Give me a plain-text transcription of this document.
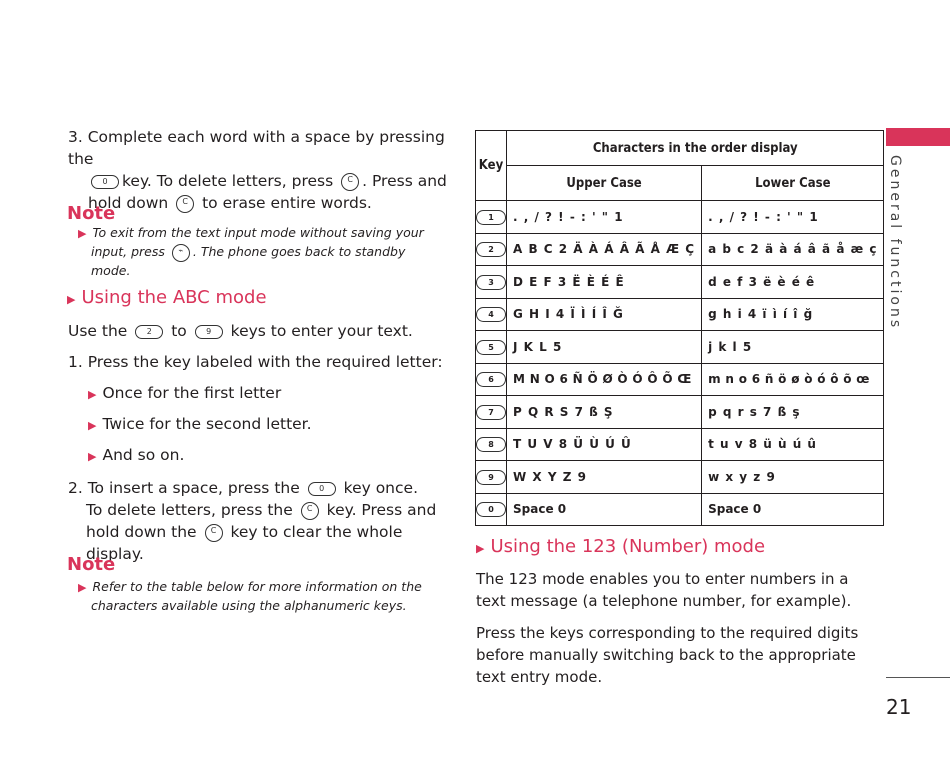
3. Complete each word with a space by pressing the
0 key. To delete letters, press C . Press and
hold down C to erase entire words.
Note
▶ To exit from the text input mode without saving your
input, press ⌁ . The phone goes back to standby
mode.
▶ Using the ABC mode
Use the 2 to 9 keys to enter your text.
1. Press the key labeled with the required letter:
▶ Once for the first letter
▶ Twice for the second letter.
▶ And so on.
2. To insert a space, press the 0 key once.
To delete letters, press the C key. Press and
hold down the C key to clear the whole display.
Note
▶ Refer to the table below for more information on the
characters available using the alphanumeric keys.
Key	Characters in the order display	
	Upper Case	Lower Case
1	. , / ? ! - : ' " 1	. , / ? ! - : ' " 1
2	A B C 2 Ä À Á Â Ã Å Æ Ç	a b c 2 ä à á â ã å æ ç
3	D E F 3 Ë È É Ê	d e f 3 ë è é ê
4	G H I 4 Ï Ì Í Î Ğ	g h i 4 ï ì í î ğ
5	J K L 5	j k l 5
6	M N O 6 Ñ Ö Ø Ò Ó Ô Õ Œ	m n o 6 ñ ö ø ò ó ô õ œ
7	P Q R S 7 ß Ş	p q r s 7 ß ş
8	T U V 8 Ü Ù Ú Û	t u v 8 ü ù ú û
9	W X Y Z 9	w x y z 9
0	Space 0	Space 0
▶ Using the 123 (Number) mode
The 123 mode enables you to enter numbers in a
text message (a telephone number, for example).
Press the keys corresponding to the required digits
before manually switching back to the appropriate
text entry mode.
General functions
21
